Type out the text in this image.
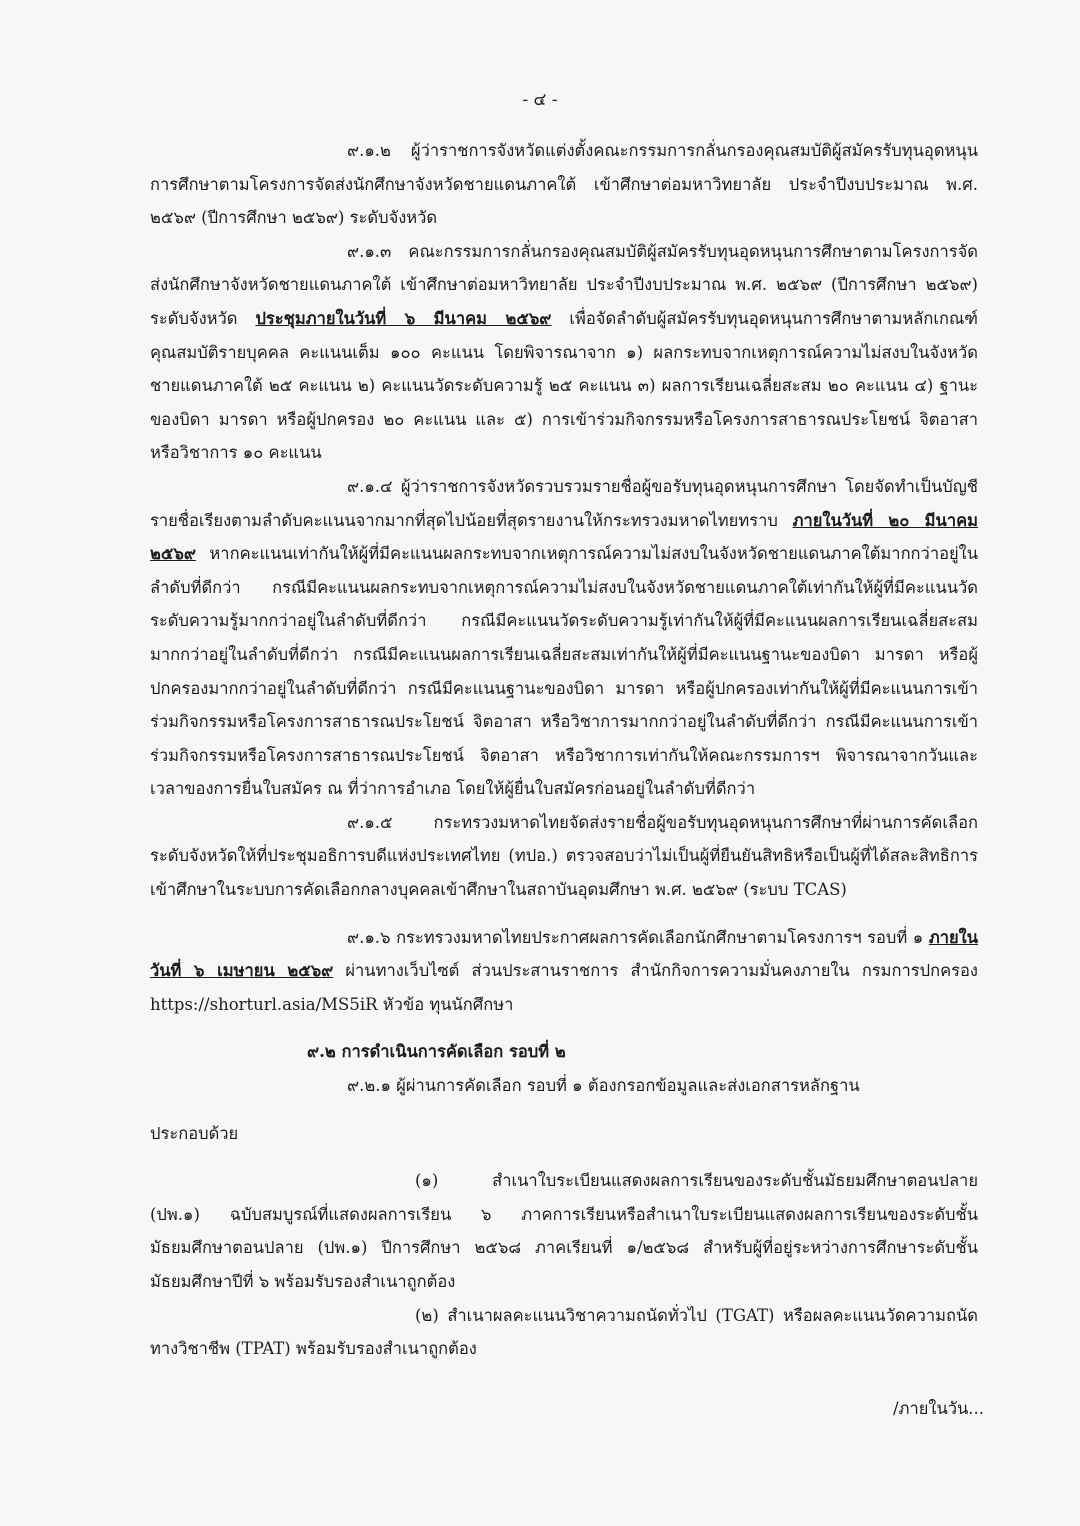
- ๔ -

๙.๑.๒ ผู้ว่าราชการจังหวัดแต่งตั้งคณะกรรมการกลั่นกรองคุณสมบัติผู้สมัครรับทุนอุดหนุนการศึกษาตามโครงการจัดส่งนักศึกษาจังหวัดชายแดนภาคใต้ เข้าศึกษาต่อมหาวิทยาลัย ประจำปีงบประมาณ พ.ศ. ๒๕๖๙ (ปีการศึกษา ๒๕๖๙) ระดับจังหวัด

๙.๑.๓ คณะกรรมการกลั่นกรองคุณสมบัติผู้สมัครรับทุนอุดหนุนการศึกษาตามโครงการจัดส่งนักศึกษาจังหวัดชายแดนภาคใต้ เข้าศึกษาต่อมหาวิทยาลัย ประจำปีงบประมาณ พ.ศ. ๒๕๖๙ (ปีการศึกษา ๒๕๖๙) ระดับจังหวัด ประชุมภายในวันที่ ๖ มีนาคม ๒๕๖๙ เพื่อจัดลำดับผู้สมัครรับทุนอุดหนุนการศึกษาตามหลักเกณฑ์คุณสมบัติรายบุคคล คะแนนเต็ม ๑๐๐ คะแนน โดยพิจารณาจาก ๑) ผลกระทบจากเหตุการณ์ความไม่สงบในจังหวัดชายแดนภาคใต้ ๒๕ คะแนน ๒) คะแนนวัดระดับความรู้ ๒๕ คะแนน ๓) ผลการเรียนเฉลี่ยสะสม ๒๐ คะแนน ๔) ฐานะของบิดา มารดา หรือผู้ปกครอง ๒๐ คะแนน และ ๕) การเข้าร่วมกิจกรรมหรือโครงการสาธารณประโยชน์ จิตอาสา หรือวิชาการ ๑๐ คะแนน

๙.๑.๔ ผู้ว่าราชการจังหวัดรวบรวมรายชื่อผู้ขอรับทุนอุดหนุนการศึกษา โดยจัดทำเป็นบัญชีรายชื่อเรียงตามลำดับคะแนนจากมากที่สุดไปน้อยที่สุดรายงานให้กระทรวงมหาดไทยทราบ ภายในวันที่ ๒๐ มีนาคม ๒๕๖๙ หากคะแนนเท่ากันให้ผู้ที่มีคะแนนผลกระทบจากเหตุการณ์ความไม่สงบในจังหวัดชายแดนภาคใต้มากกว่าอยู่ในลำดับที่ดีกว่า กรณีมีคะแนนผลกระทบจากเหตุการณ์ความไม่สงบในจังหวัดชายแดนภาคใต้เท่ากันให้ผู้ที่มีคะแนนวัดระดับความรู้มากกว่าอยู่ในลำดับที่ดีกว่า กรณีมีคะแนนวัดระดับความรู้เท่ากันให้ผู้ที่มีคะแนนผลการเรียนเฉลี่ยสะสมมากกว่าอยู่ในลำดับที่ดีกว่า กรณีมีคะแนนผลการเรียนเฉลี่ยสะสมเท่ากันให้ผู้ที่มีคะแนนฐานะของบิดา มารดา หรือผู้ปกครองมากกว่าอยู่ในลำดับที่ดีกว่า กรณีมีคะแนนฐานะของบิดา มารดา หรือผู้ปกครองเท่ากันให้ผู้ที่มีคะแนนการเข้าร่วมกิจกรรมหรือโครงการสาธารณประโยชน์ จิตอาสา หรือวิชาการมากกว่าอยู่ในลำดับที่ดีกว่า กรณีมีคะแนนการเข้าร่วมกิจกรรมหรือโครงการสาธารณประโยชน์ จิตอาสา หรือวิชาการเท่ากันให้คณะกรรมการฯ พิจารณาจากวันและเวลาของการยื่นใบสมัคร ณ ที่ว่าการอำเภอ โดยให้ผู้ยื่นใบสมัครก่อนอยู่ในลำดับที่ดีกว่า

๙.๑.๕ กระทรวงมหาดไทยจัดส่งรายชื่อผู้ขอรับทุนอุดหนุนการศึกษาที่ผ่านการคัดเลือกระดับจังหวัดให้ที่ประชุมอธิการบดีแห่งประเทศไทย (ทปอ.) ตรวจสอบว่าไม่เป็นผู้ที่ยืนยันสิทธิหรือเป็นผู้ที่ได้สละสิทธิการเข้าศึกษาในระบบการคัดเลือกกลางบุคคลเข้าศึกษาในสถาบันอุดมศึกษา พ.ศ. ๒๕๖๙ (ระบบ TCAS)

๙.๑.๖ กระทรวงมหาดไทยประกาศผลการคัดเลือกนักศึกษาตามโครงการฯ รอบที่ ๑ ภายในวันที่ ๖ เมษายน ๒๕๖๙ ผ่านทางเว็บไซต์ ส่วนประสานราชการ สำนักกิจการความมั่นคงภายใน กรมการปกครอง https://shorturl.asia/MS5iR หัวข้อ ทุนนักศึกษา

๙.๒ การดำเนินการคัดเลือก รอบที่ ๒

๙.๒.๑ ผู้ผ่านการคัดเลือก รอบที่ ๑ ต้องกรอกข้อมูลและส่งเอกสารหลักฐาน

ประกอบด้วย

(๑) สำเนาใบระเบียนแสดงผลการเรียนของระดับชั้นมัธยมศึกษาตอนปลาย (ปพ.๑) ฉบับสมบูรณ์ที่แสดงผลการเรียน ๖ ภาคการเรียนหรือสำเนาใบระเบียนแสดงผลการเรียนของระดับชั้นมัธยมศึกษาตอนปลาย (ปพ.๑) ปีการศึกษา ๒๕๖๘ ภาคเรียนที่ ๑/๒๕๖๘ สำหรับผู้ที่อยู่ระหว่างการศึกษาระดับชั้นมัธยมศึกษาปีที่ ๖ พร้อมรับรองสำเนาถูกต้อง

(๒) สำเนาผลคะแนนวิชาความถนัดทั่วไป (TGAT) หรือผลคะแนนวัดความถนัดทางวิชาชีพ (TPAT) พร้อมรับรองสำเนาถูกต้อง

/ภายในวัน...
